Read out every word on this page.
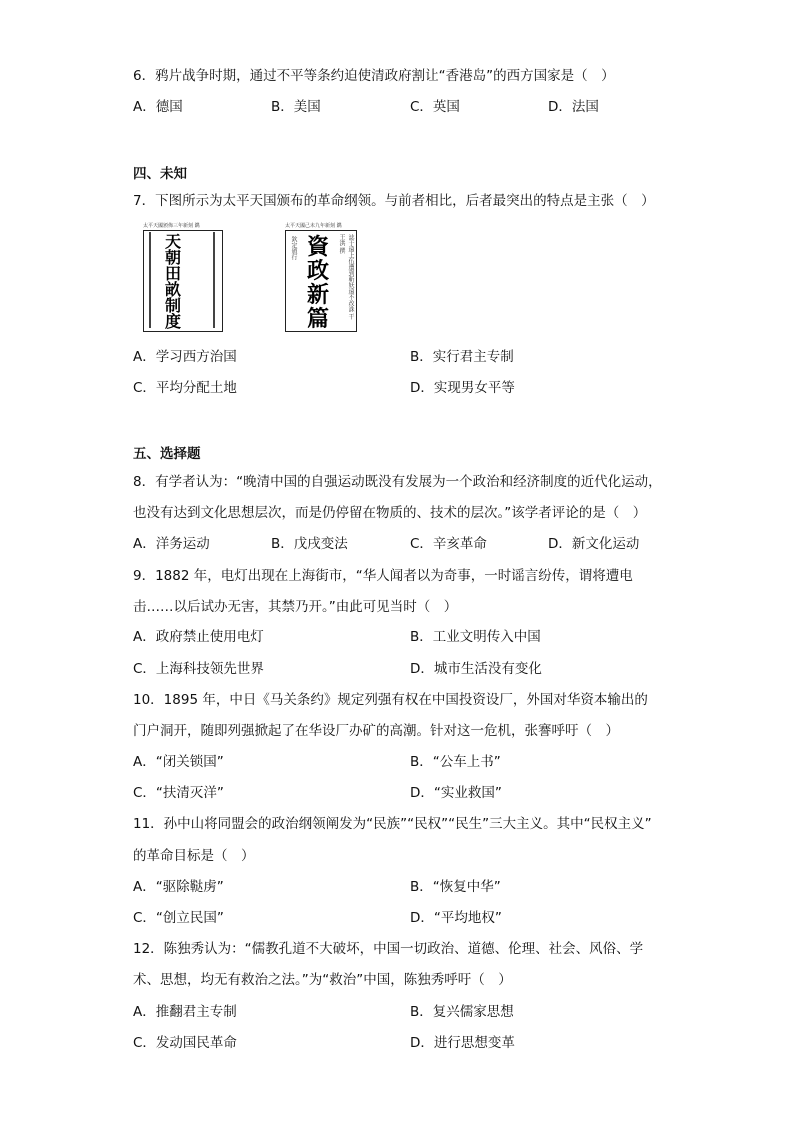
6．鸦片战争时期，通过不平等条约迫使清政府割让“香港岛”的西方国家是（　）
A．德国	B．美国	C．英国	D．法国
四、未知
7．下图所示为太平天国颁布的革命纲领。与前者相比，后者最突出的特点是主张（　）
太平天國頒佈三年新刻 鐫
天
朝
田
畝
制
度
太平天國己未九年新刻 鐫
欽定頒行	誌于遠上伍遭到斬妖遠不改誅 干王洪 撰
資
政
新
篇
A．学习西方治国	B．实行君主专制
C．平均分配土地	D．实现男女平等
五、选择题
8．有学者认为：“晚清中国的自强运动既没有发展为一个政治和经济制度的近代化运动，
也没有达到文化思想层次，而是仍停留在物质的、技术的层次。”该学者评论的是（　）
A．洋务运动	B．戊戌变法	C．辛亥革命	D．新文化运动
9．1882 年，电灯出现在上海街市，“华人闻者以为奇事，一时谣言纷传，谓将遭电
击……以后试办无害，其禁乃开。”由此可见当时（　）
A．政府禁止使用电灯	B．工业文明传入中国
C．上海科技领先世界	D．城市生活没有变化
10．1895 年，中日《马关条约》规定列强有权在中国投资设厂，外国对华资本输出的
门户洞开，随即列强掀起了在华设厂办矿的高潮。针对这一危机，张謇呼吁（　）
A．“闭关锁国”	B．“公车上书”
C．“扶清灭洋”	D．“实业救国”
11．孙中山将同盟会的政治纲领阐发为“民族”“民权”“民生”三大主义。其中“民权主义”
的革命目标是（　）
A．“驱除鞑虏”	B．“恢复中华”
C．“创立民国”	D．“平均地权”
12．陈独秀认为：“儒教孔道不大破坏，中国一切政治、道德、伦理、社会、风俗、学
术、思想，均无有救治之法。”为“救治”中国，陈独秀呼吁（　）
A．推翻君主专制	B．复兴儒家思想
C．发动国民革命	D．进行思想变革
